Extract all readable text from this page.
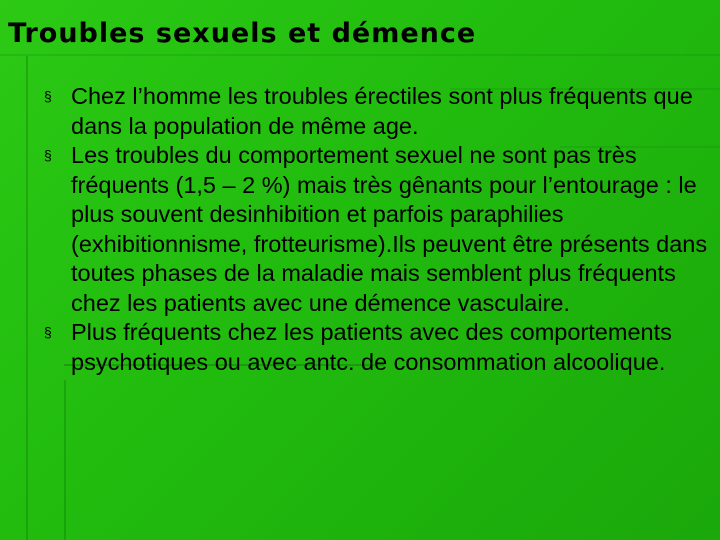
Troubles sexuels et démence
§ Chez l’homme les troubles érectiles sont plus fréquents que dans la population de même age.
§ Les troubles du comportement sexuel ne sont pas très fréquents (1,5 – 2 %) mais très gênants pour l’entourage : le plus souvent desinhibition et parfois paraphilies (exhibitionnisme, frotteurisme).Ils peuvent être présents dans toutes phases de la maladie mais semblent plus fréquents chez les patients avec une démence vasculaire.
§ Plus fréquents chez les patients avec des comportements psychotiques ou avec antc. de consommation alcoolique.
